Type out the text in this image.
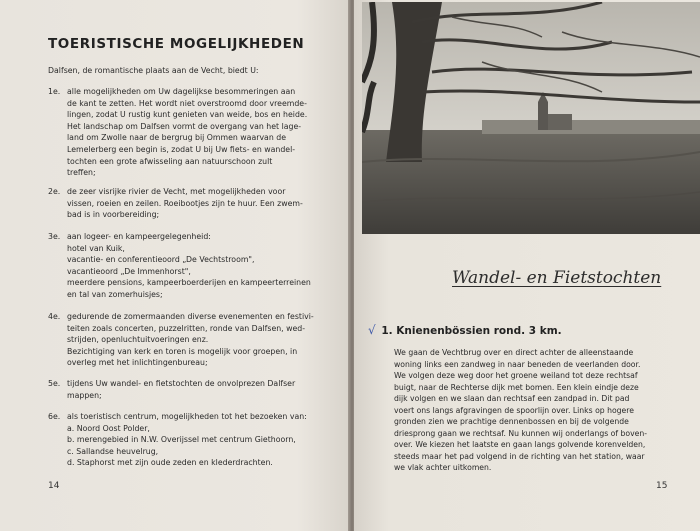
TOERISTISCHE MOGELIJKHEDEN
Dalfsen, de romantische plaats aan de Vecht, biedt U:
1e. alle mogelijkheden om Uw dagelijkse besommeringen aan
de kant te zetten. Het wordt niet overstroomd door vreemde-
lingen, zodat U rustig kunt genieten van weide, bos en heide.
Het landschap om Dalfsen vormt de overgang van het lage-
land om Zwolle naar de bergrug bij Ommen waarvan de
Lemelerberg een begin is, zodat U bij Uw fiets- en wandel-
tochten een grote afwisseling aan natuurschoon zult
treffen;
2e. de zeer visrijke rivier de Vecht, met mogelijkheden voor
vissen, roeien en zeilen. Roeibootjes zijn te huur. Een zwem-
bad is in voorbereiding;
3e. aan logeer- en kampeergelegenheid:
hotel van Kuik,
vacantie- en conferentieoord „De Vechtstroom",
vacantieoord „De Immenhorst",
meerdere pensions, kampeerboerderijen en kampeerterreinen
en tal van zomerhuisjes;
4e. gedurende de zomermaanden diverse evenementen en festivi-
teiten zoals concerten, puzzelritten, ronde van Dalfsen, wed-
strijden, openluchtuitvoeringen enz.
Bezichtiging van kerk en toren is mogelijk voor groepen, in
overleg met het inlichtingenbureau;
5e. tijdens Uw wandel- en fietstochten de onvolprezen Dalfser
mappen;
6e. als toeristisch centrum, mogelijkheden tot het bezoeken van:
a. Noord Oost Polder,
b. merengebied in N.W. Overijssel met centrum Giethoorn,
c. Sallandse heuvelrug,
d. Staphorst met zijn oude zeden en klederdrachten.
14
Wandel- en Fietstochten
√ 1. Knienenbössien rond. 3 km.
We gaan de Vechtbrug over en direct achter de alleenstaande
woning links een zandweg in naar beneden de veerlanden door.
We volgen deze weg door het groene weiland tot deze rechtsaf
buigt, naar de Rechterse dijk met bomen. Een klein eindje deze
dijk volgen en we slaan dan rechtsaf een zandpad in. Dit pad
voert ons langs afgravingen de spoorlijn over. Links op hogere
gronden zien we prachtige dennenbossen en bij de volgende
driesprong gaan we rechtsaf. Nu kunnen wij onderlangs of boven-
over. We kiezen het laatste en gaan langs golvende korenvelden,
steeds maar het pad volgend in de richting van het station, waar
we vlak achter uitkomen.
15
